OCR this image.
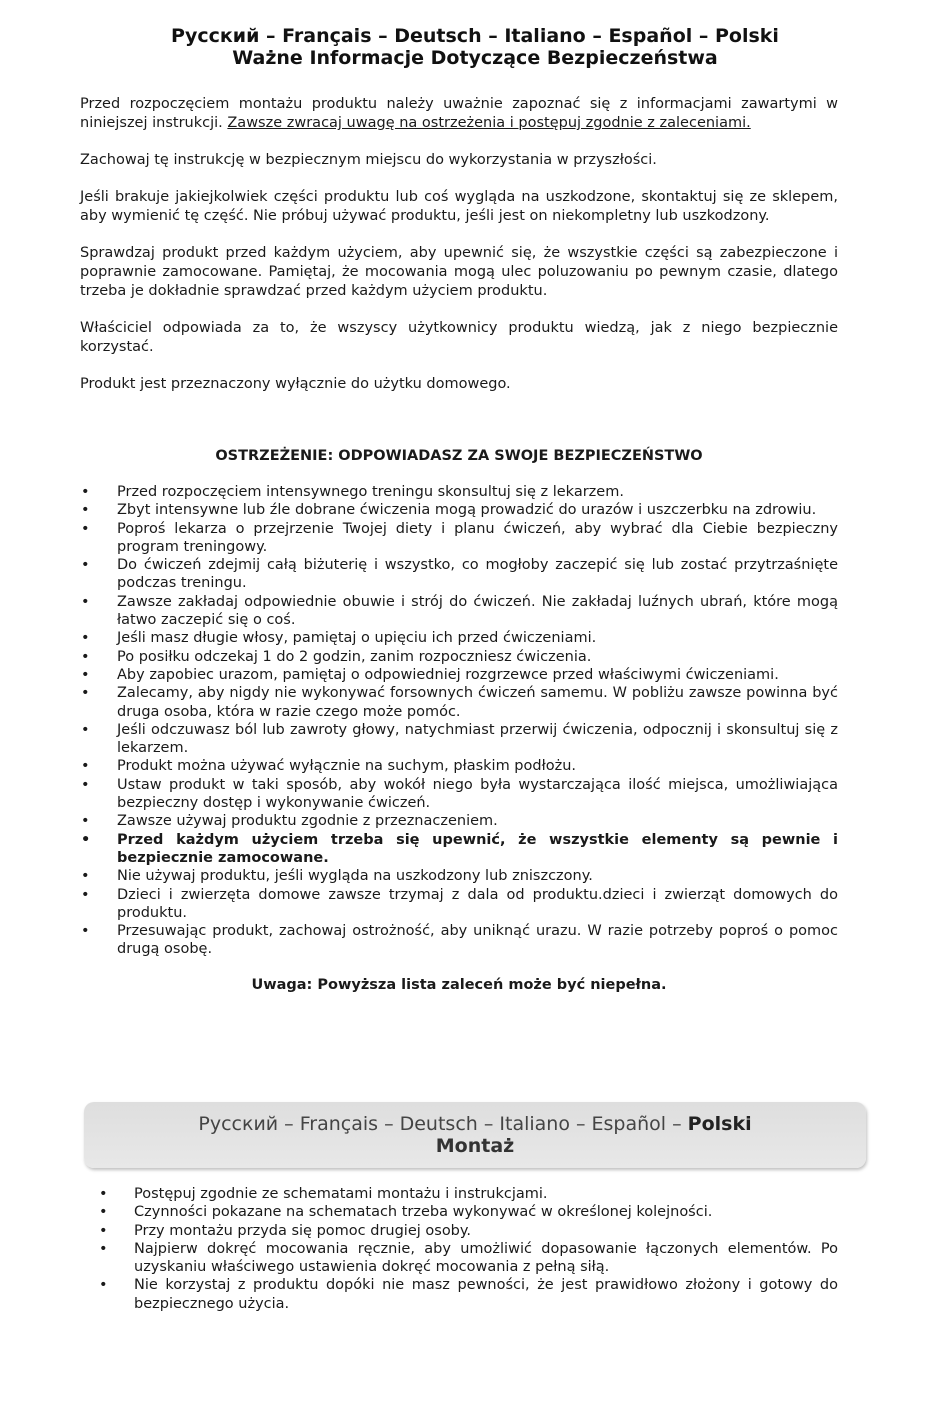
Русский – Français – Deutsch – Italiano – Español – Polski
Ważne Informacje Dotyczące Bezpieczeństwa

Przed rozpoczęciem montażu produktu należy uważnie zapoznać się z informacjami zawartymi w niniejszej instrukcji. Zawsze zwracaj uwagę na ostrzeżenia i postępuj zgodnie z zaleceniami.

Zachowaj tę instrukcję w bezpiecznym miejscu do wykorzystania w przyszłości.

Jeśli brakuje jakiejkolwiek części produktu lub coś wygląda na uszkodzone, skontaktuj się ze sklepem, aby wymienić tę część. Nie próbuj używać produktu, jeśli jest on niekompletny lub uszkodzony.

Sprawdzaj produkt przed każdym użyciem, aby upewnić się, że wszystkie części są zabezpieczone i poprawnie zamocowane. Pamiętaj, że mocowania mogą ulec poluzowaniu po pewnym czasie, dlatego trzeba je dokładnie sprawdzać przed każdym użyciem produktu.

Właściciel odpowiada za to, że wszyscy użytkownicy produktu wiedzą, jak z niego bezpiecznie korzystać.

Produkt jest przeznaczony wyłącznie do użytku domowego.

OSTRZEŻENIE: ODPOWIADASZ ZA SWOJE BEZPIECZEŃSTWO

• Przed rozpoczęciem intensywnego treningu skonsultuj się z lekarzem.
• Zbyt intensywne lub źle dobrane ćwiczenia mogą prowadzić do urazów i uszczerbku na zdrowiu.
• Poproś lekarza o przejrzenie Twojej diety i planu ćwiczeń, aby wybrać dla Ciebie bezpieczny program treningowy.
• Do ćwiczeń zdejmij całą biżuterię i wszystko, co mogłoby zaczepić się lub zostać przytrzaśnięte podczas treningu.
• Zawsze zakładaj odpowiednie obuwie i strój do ćwiczeń. Nie zakładaj luźnych ubrań, które mogą łatwo zaczepić się o coś.
• Jeśli masz długie włosy, pamiętaj o upięciu ich przed ćwiczeniami.
• Po posiłku odczekaj 1 do 2 godzin, zanim rozpoczniesz ćwiczenia.
• Aby zapobiec urazom, pamiętaj o odpowiedniej rozgrzewce przed właściwymi ćwiczeniami.
• Zalecamy, aby nigdy nie wykonywać forsownych ćwiczeń samemu. W pobliżu zawsze powinna być druga osoba, która w razie czego może pomóc.
• Jeśli odczuwasz ból lub zawroty głowy, natychmiast przerwij ćwiczenia, odpocznij i skonsultuj się z lekarzem.
• Produkt można używać wyłącznie na suchym, płaskim podłożu.
• Ustaw produkt w taki sposób, aby wokół niego była wystarczająca ilość miejsca, umożliwiająca bezpieczny dostęp i wykonywanie ćwiczeń.
• Zawsze używaj produktu zgodnie z przeznaczeniem.
• Przed każdym użyciem trzeba się upewnić, że wszystkie elementy są pewnie i bezpiecznie zamocowane.
• Nie używaj produktu, jeśli wygląda na uszkodzony lub zniszczony.
• Dzieci i zwierzęta domowe zawsze trzymaj z dala od produktu.dzieci i zwierząt domowych do produktu.
• Przesuwając produkt, zachowaj ostrożność, aby uniknąć urazu. W razie potrzeby poproś o pomoc drugą osobę.

Uwaga: Powyższa lista zaleceń może być niepełna.

Русский – Français – Deutsch – Italiano – Español – Polski
Montaż
• Postępuj zgodnie ze schematami montażu i instrukcjami.
• Czynności pokazane na schematach trzeba wykonywać w określonej kolejności.
• Przy montażu przyda się pomoc drugiej osoby.
• Najpierw dokręć mocowania ręcznie, aby umożliwić dopasowanie łączonych elementów. Po uzyskaniu właściwego ustawienia dokręć mocowania z pełną siłą.
• Nie korzystaj z produktu dopóki nie masz pewności, że jest prawidłowo złożony i gotowy do bezpiecznego użycia.
